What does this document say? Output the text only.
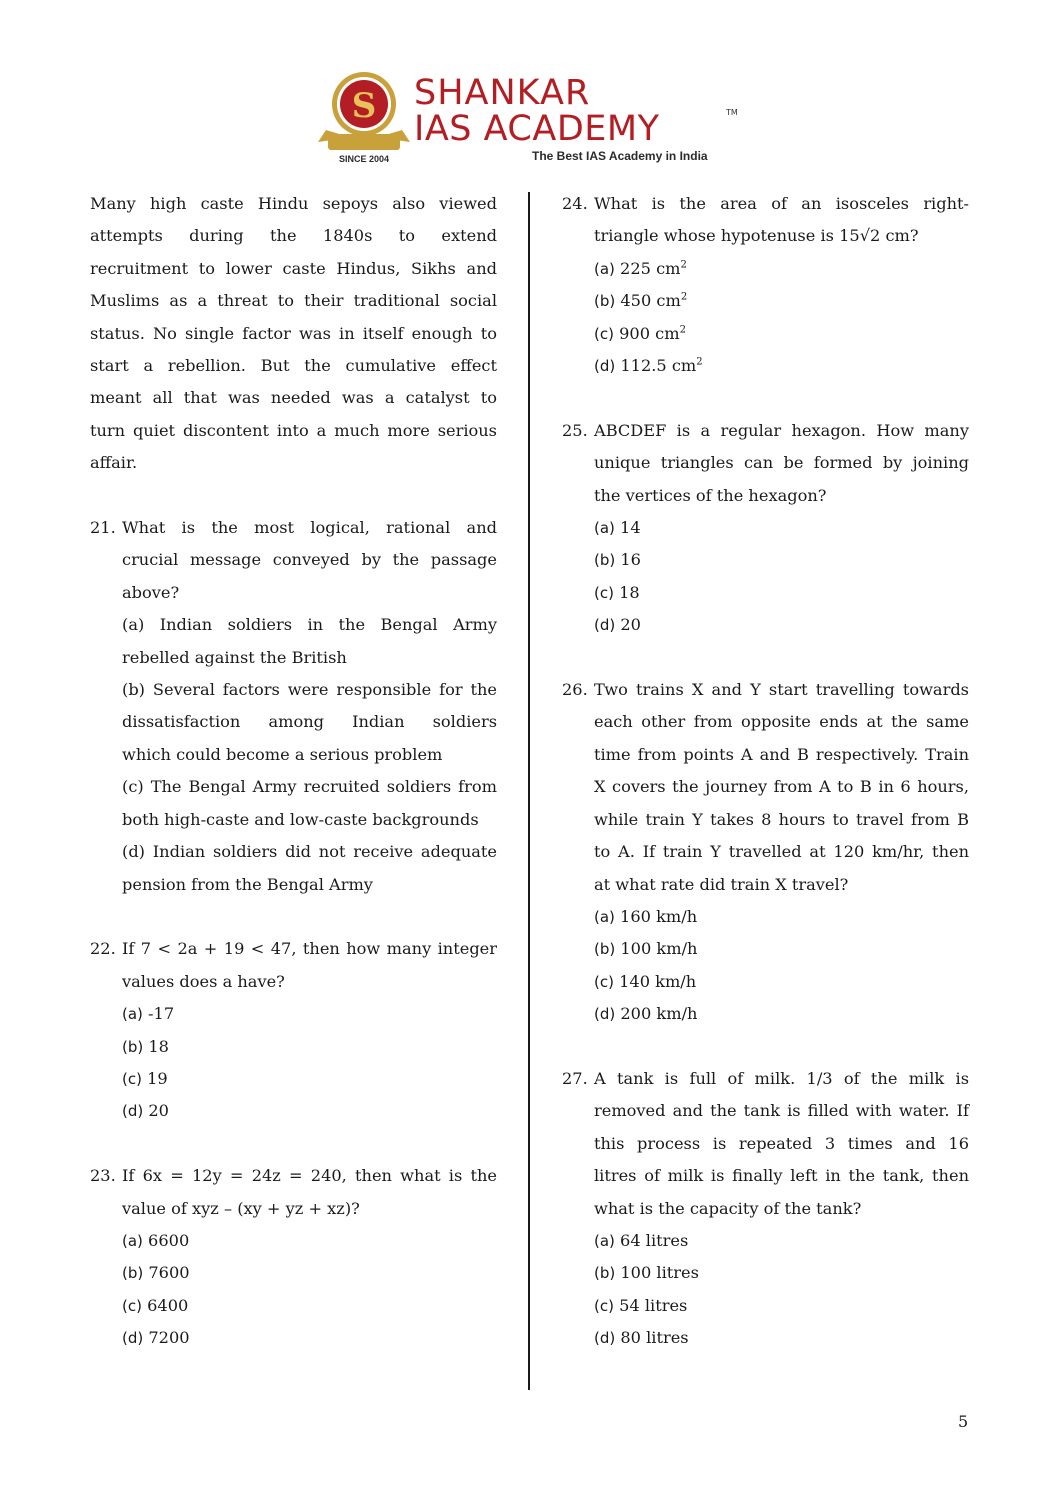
S
SINCE 2004
SHANKAR
IAS ACADEMY	TM
The Best IAS Academy in India
Many high caste Hindu sepoys also viewed
attempts during the 1840s to extend
recruitment to lower caste Hindus, Sikhs and
Muslims as a threat to their traditional social
status. No single factor was in itself enough to
start a rebellion. But the cumulative effect
meant all that was needed was a catalyst to
turn quiet discontent into a much more serious
affair.
21. What is the most logical, rational and
crucial message conveyed by the passage
above?
(a) Indian soldiers in the Bengal Army
rebelled against the British
(b) Several factors were responsible for the
dissatisfaction among Indian soldiers
which could become a serious problem
(c) The Bengal Army recruited soldiers from
both high-caste and low-caste backgrounds
(d) Indian soldiers did not receive adequate
pension from the Bengal Army
22. If 7 < 2a + 19 < 47, then how many integer
values does a have?
(a) -17
(b) 18
(c) 19
(d) 20
23. If 6x = 12y = 24z = 240, then what is the
value of xyz – (xy + yz + xz)?
(a) 6600
(b) 7600
(c) 6400
(d) 7200
24. What is the area of an isosceles right-
triangle whose hypotenuse is 15√2 cm?
(a) 225 $cm^2$
(b) 450 $cm^2$
(c) 900 $cm^2$
(d) 112.5 $cm^2$
25. ABCDEF is a regular hexagon. How many
unique triangles can be formed by joining
the vertices of the hexagon?
(a) 14
(b) 16
(c) 18
(d) 20
26. Two trains X and Y start travelling towards
each other from opposite ends at the same
time from points A and B respectively. Train
X covers the journey from A to B in 6 hours,
while train Y takes 8 hours to travel from B
to A. If train Y travelled at 120 km/hr, then
at what rate did train X travel?
(a) 160 km/h
(b) 100 km/h
(c) 140 km/h
(d) 200 km/h
27. A tank is full of milk. 1/3 of the milk is
removed and the tank is filled with water. If
this process is repeated 3 times and 16
litres of milk is finally left in the tank, then
what is the capacity of the tank?
(a) 64 litres
(b) 100 litres
(c) 54 litres
(d) 80 litres
5
